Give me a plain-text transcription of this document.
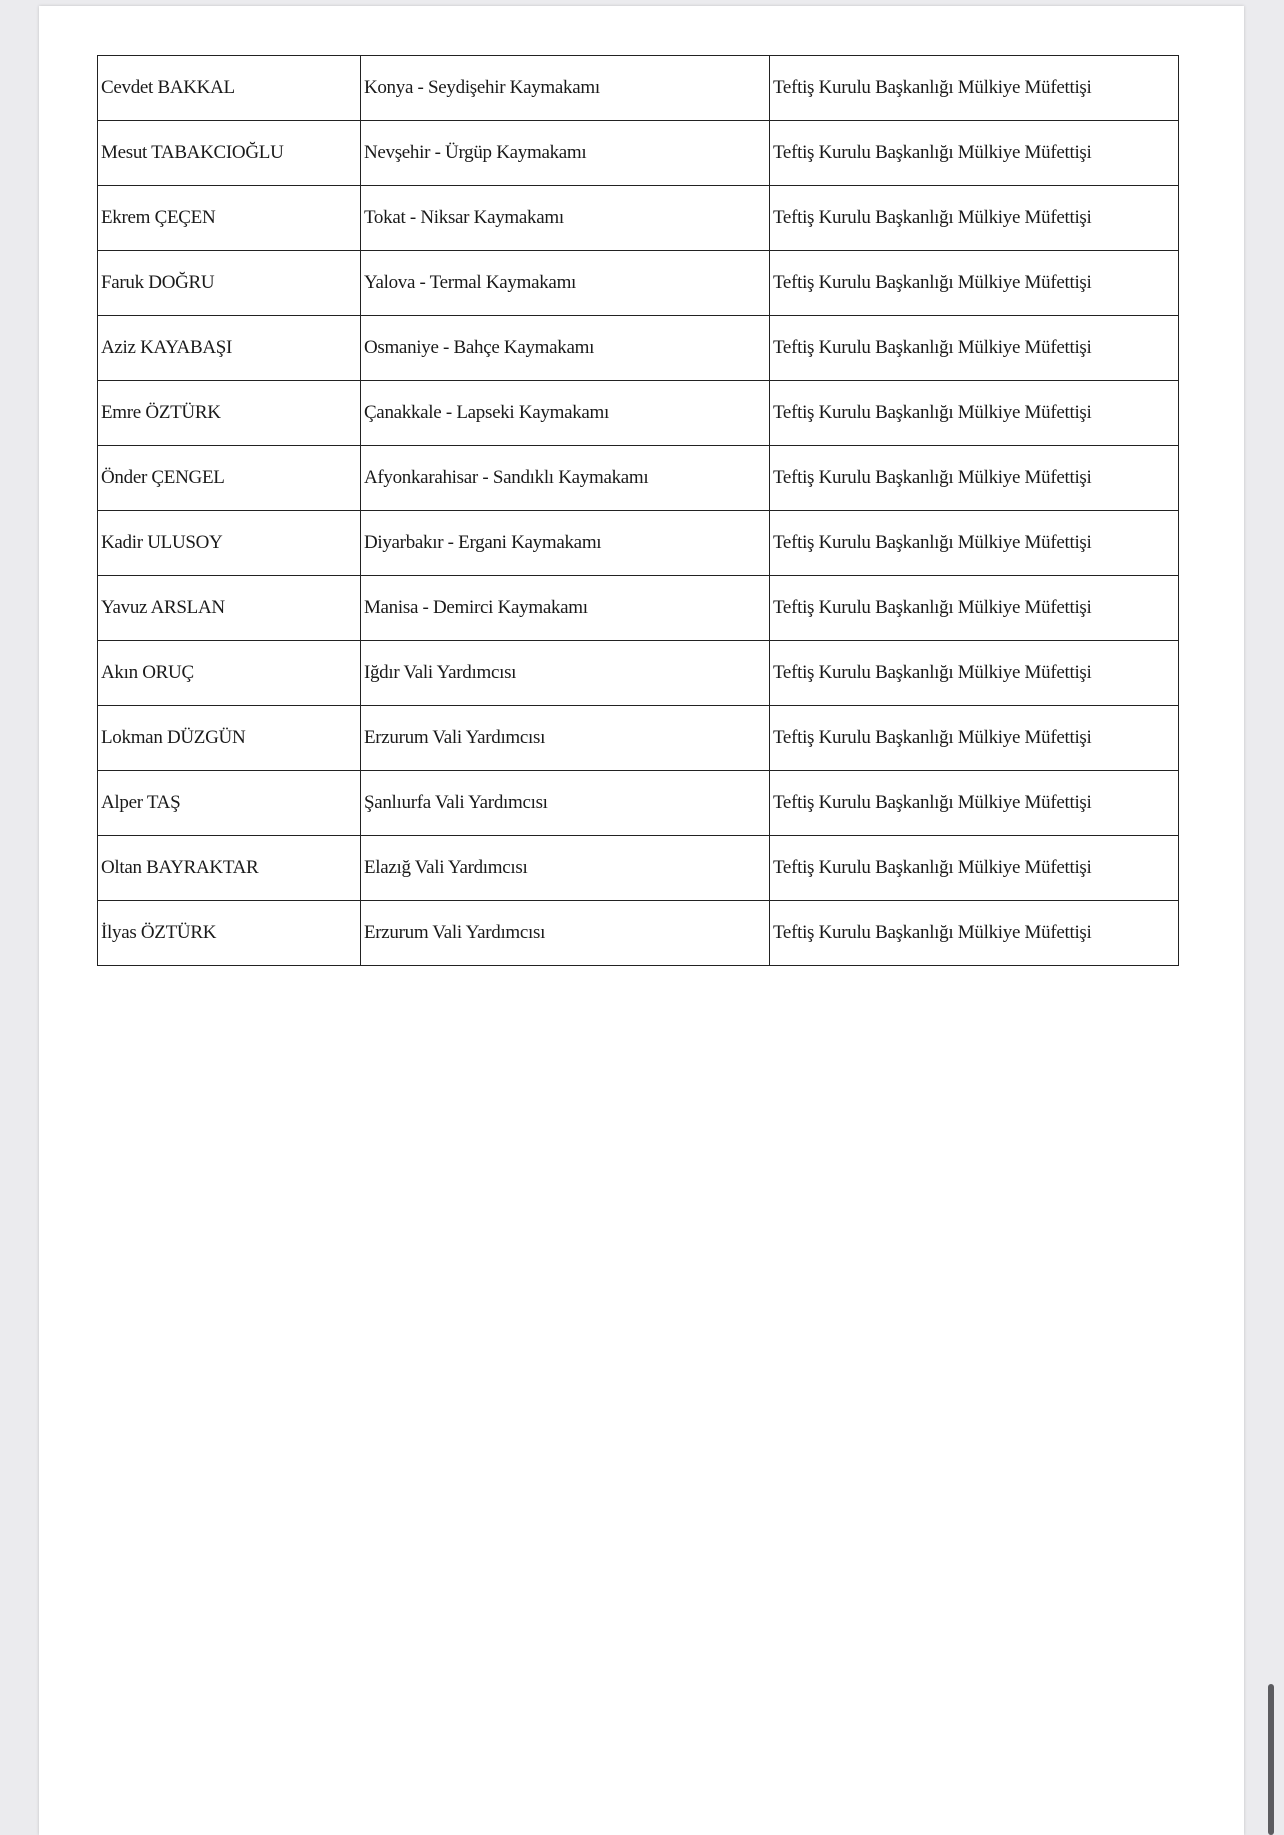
Cevdet BAKKAL	Konya - Seydişehir Kaymakamı	Teftiş Kurulu Başkanlığı Mülkiye Müfettişi
Mesut TABAKCIOĞLU	Nevşehir - Ürgüp Kaymakamı	Teftiş Kurulu Başkanlığı Mülkiye Müfettişi
Ekrem ÇEÇEN	Tokat - Niksar Kaymakamı	Teftiş Kurulu Başkanlığı Mülkiye Müfettişi
Faruk DOĞRU	Yalova - Termal Kaymakamı	Teftiş Kurulu Başkanlığı Mülkiye Müfettişi
Aziz KAYABAŞI	Osmaniye - Bahçe Kaymakamı	Teftiş Kurulu Başkanlığı Mülkiye Müfettişi
Emre ÖZTÜRK	Çanakkale - Lapseki Kaymakamı	Teftiş Kurulu Başkanlığı Mülkiye Müfettişi
Önder ÇENGEL	Afyonkarahisar - Sandıklı Kaymakamı	Teftiş Kurulu Başkanlığı Mülkiye Müfettişi
Kadir ULUSOY	Diyarbakır - Ergani Kaymakamı	Teftiş Kurulu Başkanlığı Mülkiye Müfettişi
Yavuz ARSLAN	Manisa - Demirci Kaymakamı	Teftiş Kurulu Başkanlığı Mülkiye Müfettişi
Akın ORUÇ	Iğdır Vali Yardımcısı	Teftiş Kurulu Başkanlığı Mülkiye Müfettişi
Lokman DÜZGÜN	Erzurum Vali Yardımcısı	Teftiş Kurulu Başkanlığı Mülkiye Müfettişi
Alper TAŞ	Şanlıurfa Vali Yardımcısı	Teftiş Kurulu Başkanlığı Mülkiye Müfettişi
Oltan BAYRAKTAR	Elazığ Vali Yardımcısı	Teftiş Kurulu Başkanlığı Mülkiye Müfettişi
İlyas ÖZTÜRK	Erzurum Vali Yardımcısı	Teftiş Kurulu Başkanlığı Mülkiye Müfettişi
